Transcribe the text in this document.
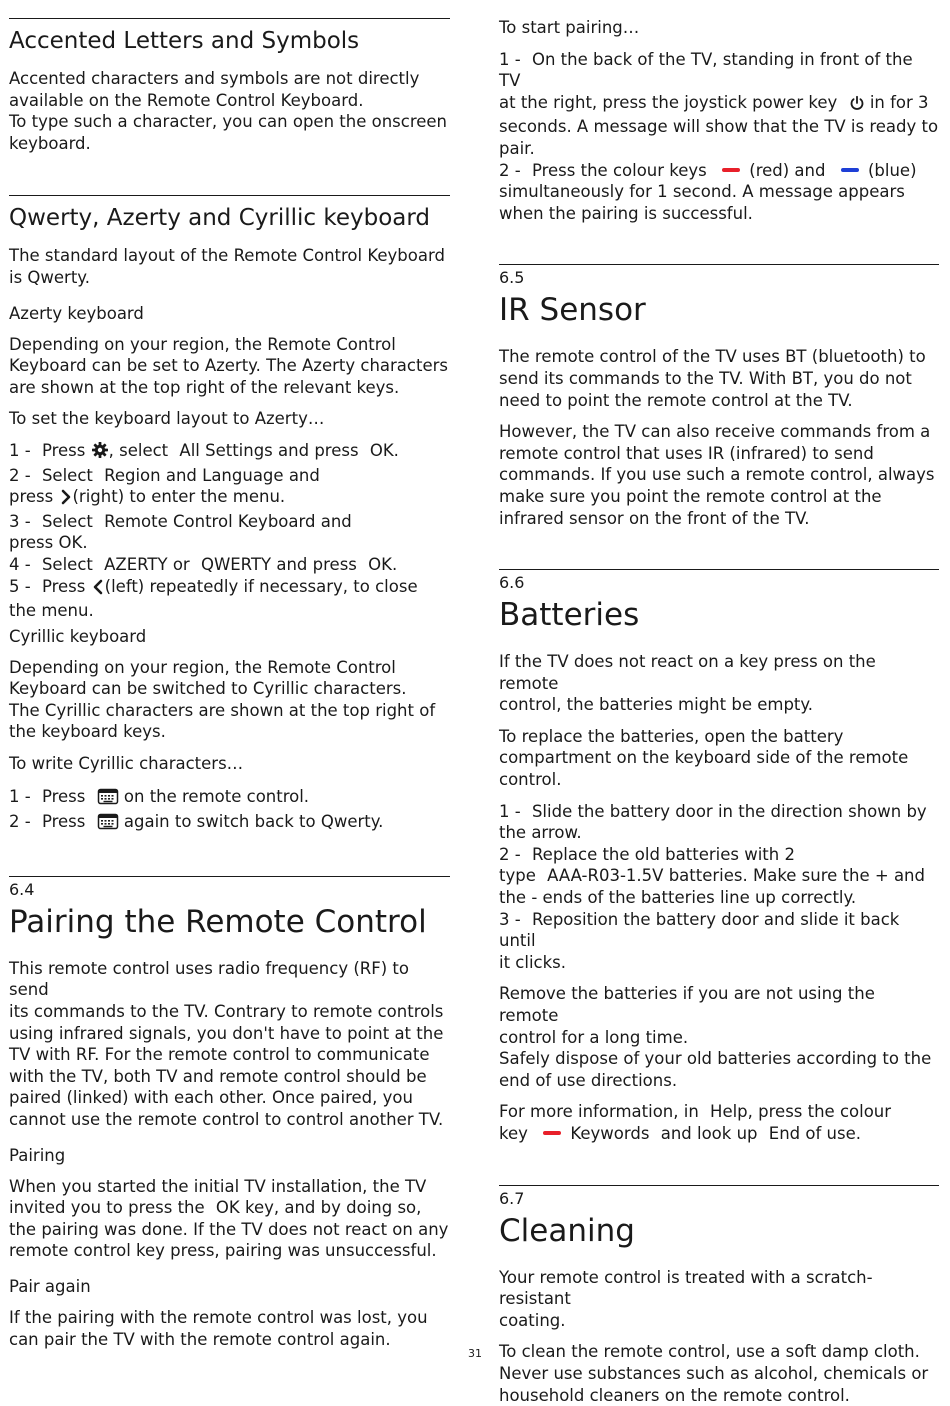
Accented Letters and Symbols

Accented characters and symbols are not directly

available on the Remote Control Keyboard.

To type such a character, you can open the onscreen

keyboard.

Qwerty, Azerty and Cyrillic keyboard

The standard layout of the Remote Control Keyboard

is Qwerty.

Azerty keyboard

Depending on your region, the Remote Control

Keyboard can be set to Azerty. The Azerty characters

are shown at the top right of the relevant keys.

To set the keyboard layout to Azerty…

1 - Press , select All Settings and press OK.

2 - Select Region and Language and

press (right) to enter the menu.

3 - Select Remote Control Keyboard and

press OK.

4 - Select AZERTY or QWERTY and press OK.

5 - Press (left) repeatedly if necessary, to close

the menu.

Cyrillic keyboard

Depending on your region, the Remote Control

Keyboard can be switched to Cyrillic characters.

The Cyrillic characters are shown at the top right of

the keyboard keys.

To write Cyrillic characters…

1 - Press on the remote control.

2 - Press again to switch back to Qwerty.

6.4
Pairing the Remote Control

This remote control uses radio frequency (RF) to send

its commands to the TV. Contrary to remote controls

using infrared signals, you don't have to point at the

TV with RF. For the remote control to communicate

with the TV, both TV and remote control should be

paired (linked) with each other. Once paired, you

cannot use the remote control to control another TV.

Pairing

When you started the initial TV installation, the TV

invited you to press the OK key, and by doing so,

the pairing was done. If the TV does not react on any

remote control key press, pairing was unsuccessful.

Pair again

If the pairing with the remote control was lost, you

can pair the TV with the remote control again.

To start pairing…

1 - On the back of the TV, standing in front of the TV

at the right, press the joystick power key in for 3

seconds. A message will show that the TV is ready to

pair.

2 - Press the colour keys	(red) and	(blue)

simultaneously for 1 second. A message appears

when the pairing is successful.

6.5
IR Sensor

The remote control of the TV uses BT (bluetooth) to

send its commands to the TV. With BT, you do not

need to point the remote control at the TV.

However, the TV can also receive commands from a

remote control that uses IR (infrared) to send

commands. If you use such a remote control, always

make sure you point the remote control at the

infrared sensor on the front of the TV.

6.6
Batteries

If the TV does not react on a key press on the remote

control, the batteries might be empty.

To replace the batteries, open the battery

compartment on the keyboard side of the remote

control.

1 - Slide the battery door in the direction shown by

the arrow.

2 - Replace the old batteries with 2

type AAA-R03-1.5V batteries. Make sure the + and

the - ends of the batteries line up correctly.

3 - Reposition the battery door and slide it back until

it clicks.

Remove the batteries if you are not using the remote

control for a long time.

Safely dispose of your old batteries according to the

end of use directions.

For more information, in Help, press the colour

key	Keywords and look up End of use.

6.7
Cleaning

Your remote control is treated with a scratch-resistant

coating.

To clean the remote control, use a soft damp cloth.

Never use substances such as alcohol, chemicals or

household cleaners on the remote control.

31
